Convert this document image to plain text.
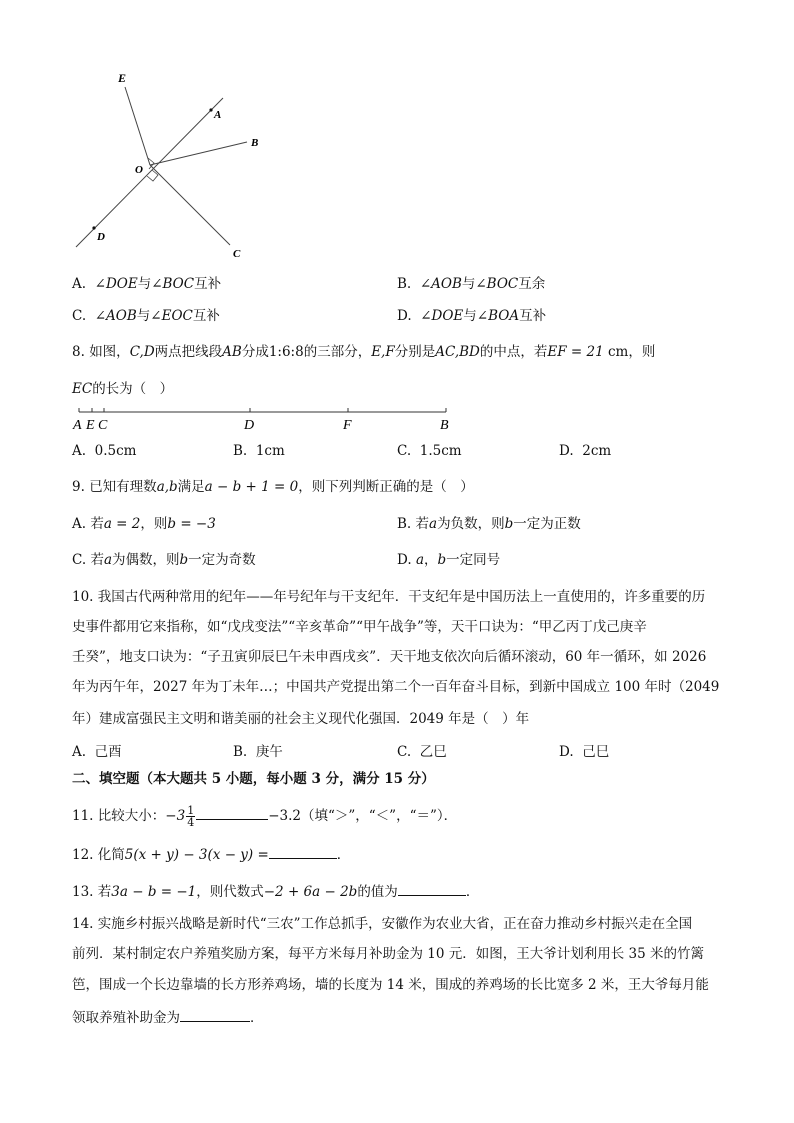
E
A
B
O
D
C
A. ∠DOE与∠BOC互补	B. ∠AOB与∠BOC互余
C. ∠AOB与∠EOC互补	D. ∠DOE与∠BOA互补
8. 如图，C,D两点把线段AB分成1:6:8的三部分，E,F分别是AC,BD的中点，若EF = 21 cm，则
EC的长为（　）
A E C	D	F	B
A. 0.5cm	B. 1cm	C. 1.5cm	D. 2cm
9. 已知有理数a,b满足a − b + 1 = 0，则下列判断正确的是（　）
A. 若a = 2，则b = −3	B. 若a为负数，则b一定为正数
C. 若a为偶数，则b一定为奇数	D. a，b一定同号
10. 我国古代两种常用的纪年——年号纪年与干支纪年．干支纪年是中国历法上一直使用的，许多重要的历
史事件都用它来指称，如“戊戌变法”“辛亥革命”“甲午战争”等，天干口诀为：“甲乙丙丁戊己庚辛
壬癸”，地支口诀为：“子丑寅卯辰巳午未申酉戌亥”．天干地支依次向后循环滚动，60 年一循环，如 2026
年为丙午年，2027 年为丁未年…；中国共产党提出第二个一百年奋斗目标，到新中国成立 100 年时（2049
年）建成富强民主文明和谐美丽的社会主义现代化强国．2049 年是（　）年
A. 己酉	B. 庚午	C. 乙巳	D. 己巳
二、填空题（本大题共 5 小题，每小题 3 分，满分 15 分）
11. 比较大小：$-3 \frac{1}{4}$	−3.2（填“＞”，“＜”，“＝”）．
12. 化简5(x + y) − 3(x − y) =	．
13. 若3a − b = −1，则代数式−2 + 6a − 2b的值为	．
14. 实施乡村振兴战略是新时代“三农”工作总抓手，安徽作为农业大省，正在奋力推动乡村振兴走在全国
前列．某村制定农户养殖奖励方案，每平方米每月补助金为 10 元．如图，王大爷计划利用长 35 米的竹篱
笆，围成一个长边靠墙的长方形养鸡场，墙的长度为 14 米，围成的养鸡场的长比宽多 2 米，王大爷每月能
领取养殖补助金为	．
